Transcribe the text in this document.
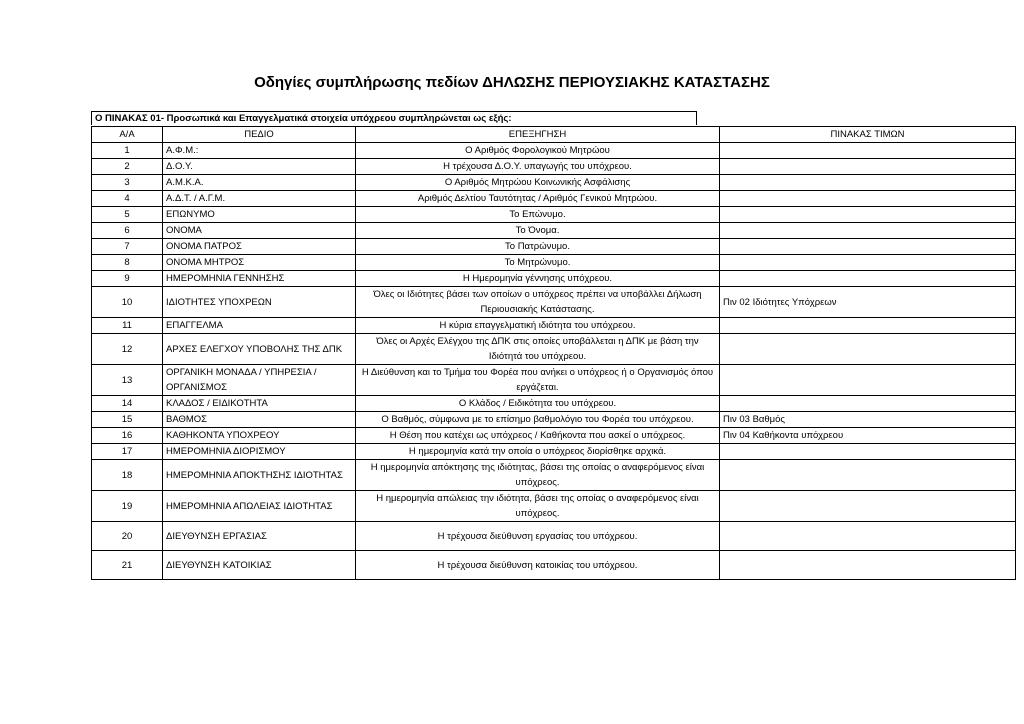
Οδηγίες συμπλήρωσης πεδίων ΔΗΛΩΣΗΣ ΠΕΡΙΟΥΣΙΑΚΗΣ ΚΑΤΑΣΤΑΣΗΣ
Ο ΠΙΝΑΚΑΣ 01- Προσωπικά και Επαγγελματικά στοιχεία υπόχρεου συμπληρώνεται ως εξής:
Α/Α	ΠΕΔΙΟ	ΕΠΕΞΗΓΗΣΗ	ΠΙΝΑΚΑΣ ΤΙΜΩΝ
1	Α.Φ.Μ.:	Ο Αριθμός Φορολογικού Μητρώου	
2	Δ.Ο.Υ.	Η τρέχουσα Δ.Ο.Υ. υπαγωγής του υπόχρεου.	
3	Α.Μ.Κ.Α.	Ο Αριθμός Μητρώου Κοινωνικής Ασφάλισης	
4	Α.Δ.Τ. / Α.Γ.Μ.	Αριθμός Δελτίου Ταυτότητας / Αριθμός Γενικού Μητρώου.	
5	ΕΠΩΝΥΜΟ	Το Επώνυμο.	
6	ΟΝΟΜΑ	Το Όνομα.	
7	ΟΝΟΜΑ ΠΑΤΡΟΣ	Το Πατρώνυμο.	
8	ΟΝΟΜΑ ΜΗΤΡΟΣ	Το Μητρώνυμο.	
9	ΗΜΕΡΟΜΗΝΙΑ ΓΕΝΝΗΣΗΣ	Η Ημερομηνία γέννησης υπόχρεου.	
10	ΙΔΙΟΤΗΤΕΣ ΥΠΟΧΡΕΩΝ	Όλες οι Ιδιότητες βάσει των οποίων ο υπόχρεος πρέπει να υποβάλλει Δήλωση Περιουσιακής Κατάστασης.	Πιν 02 Ιδιότητες Υπόχρεων
11	ΕΠΑΓΓΕΛΜΑ	Η κύρια επαγγελματική ιδιότητα του υπόχρεου.	
12	ΑΡΧΕΣ ΕΛΕΓΧΟΥ ΥΠΟΒΟΛΗΣ ΤΗΣ ΔΠΚ	Όλες οι Αρχές Ελέγχου της ΔΠΚ στις οποίες υποβάλλεται η ΔΠΚ με βάση την Ιδιότητά του υπόχρεου.	
13	ΟΡΓΑΝΙΚΗ ΜΟΝΑΔΑ / ΥΠΗΡΕΣΙΑ / ΟΡΓΑΝΙΣΜΟΣ	Η Διεύθυνση και το Τμήμα του Φορέα που ανήκει ο υπόχρεος ή ο Οργανισμός όπου εργάζεται.	
14	ΚΛΑΔΟΣ / ΕΙΔΙΚΟΤΗΤΑ	Ο Κλάδος / Ειδικότητα του υπόχρεου.	
15	ΒΑΘΜΟΣ	Ο Βαθμός, σύμφωνα με το επίσημο βαθμολόγιο του Φορέα του υπόχρεου.	Πιν 03 Βαθμός
16	ΚΑΘΗΚΟΝΤΑ ΥΠΟΧΡΕΟΥ	Η Θέση που κατέχει ως υπόχρεος / Καθήκοντα που ασκεί ο υπόχρεος.	Πιν 04 Καθήκοντα υπόχρεου
17	ΗΜΕΡΟΜΗΝΙΑ ΔΙΟΡΙΣΜΟΥ	Η ημερομηνία κατά την οποία ο υπόχρεος διορίσθηκε αρχικά.	
18	ΗΜΕΡΟΜΗΝΙΑ ΑΠΟΚΤΗΣΗΣ ΙΔΙΟΤΗΤΑΣ	Η ημερομηνία απόκτησης της ιδιότητας, βάσει της οποίας ο αναφερόμενος είναι υπόχρεος.	
19	ΗΜΕΡΟΜΗΝΙΑ ΑΠΩΛΕΙΑΣ ΙΔΙΟΤΗΤΑΣ	Η ημερομηνία απώλειας την ιδιότητα, βάσει της οποίας ο αναφερόμενος είναι υπόχρεος.	
20	ΔΙΕΥΘΥΝΣΗ ΕΡΓΑΣΙΑΣ	Η τρέχουσα διεύθυνση εργασίας του υπόχρεου.	
21	ΔΙΕΥΘΥΝΣΗ ΚΑΤΟΙΚΙΑΣ	Η τρέχουσα διεύθυνση κατοικίας του υπόχρεου.	
